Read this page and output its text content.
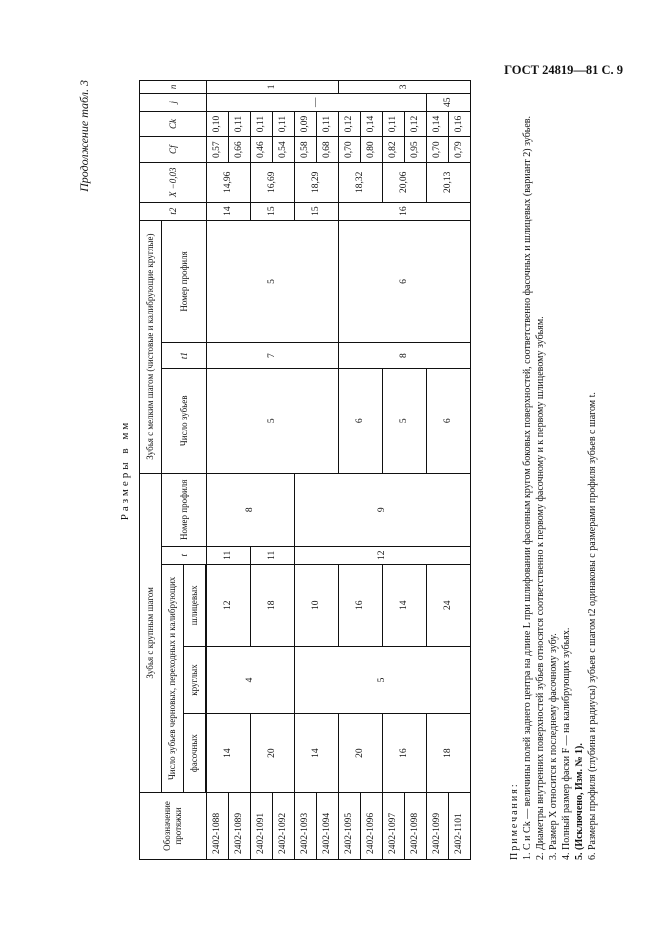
ГОСТ 24819—81 С. 9
Продолжение табл. 3
Размеры в мм
Обозначение протяжки	Зубья с крупным шагом					Зубья с мелким шагом (чистовые и калибрующие круглые)			t2	X −0,03	Cf	Ck	j	n
	Число зубьев черновых, переходных и калибрующих			t	Номер профиля	Число зубьев	t1	Номер профиля						
	фасочных	круглых	шлицевых											
2402-1088	14	4	12	11	8	5	7	5	14	14,96	0,57	0,10	—	1
2402-1089											0,66	0,11		
2402-1091	20		18	11					15	16,69	0,46	0,11		
2402-1092											0,54	0,11		
2402-1093	14	5	10	12	9				15	18,29	0,58	0,09		
2402-1094											0,68	0,11		
2402-1095	20		16			6	8	6	16	18,32	0,70	0,12		3
2402-1096											0,80	0,14		
2402-1097	16		14			5				20,06	0,82	0,11		
2402-1098											0,95	0,12		
2402-1099	18		24			6				20,13	0,70	0,14	45	
2402-1101											0,79	0,16		

Примечания: 1. C и Ck — величины полей заднего центра на длине L при шлифовании фасонным кругом боковых поверхностей, соответственно фасочных и шлицевых (вариант 2) зубьев. 2. Диаметры внутренних поверхностей зубьев относятся соответственно к первому фасочному и к первому шлицевому зубьям. 3. Размер X относится к последнему фасочному зубу. 4. Полный размер фаски F — на калибрующих зубьях. 5. (Исключено, Изм. № 1). 6. Размеры профиля (глубина и радиусы) зубьев с шагом t2 одинаковы с размерами профиля зубьев с шагом t.
